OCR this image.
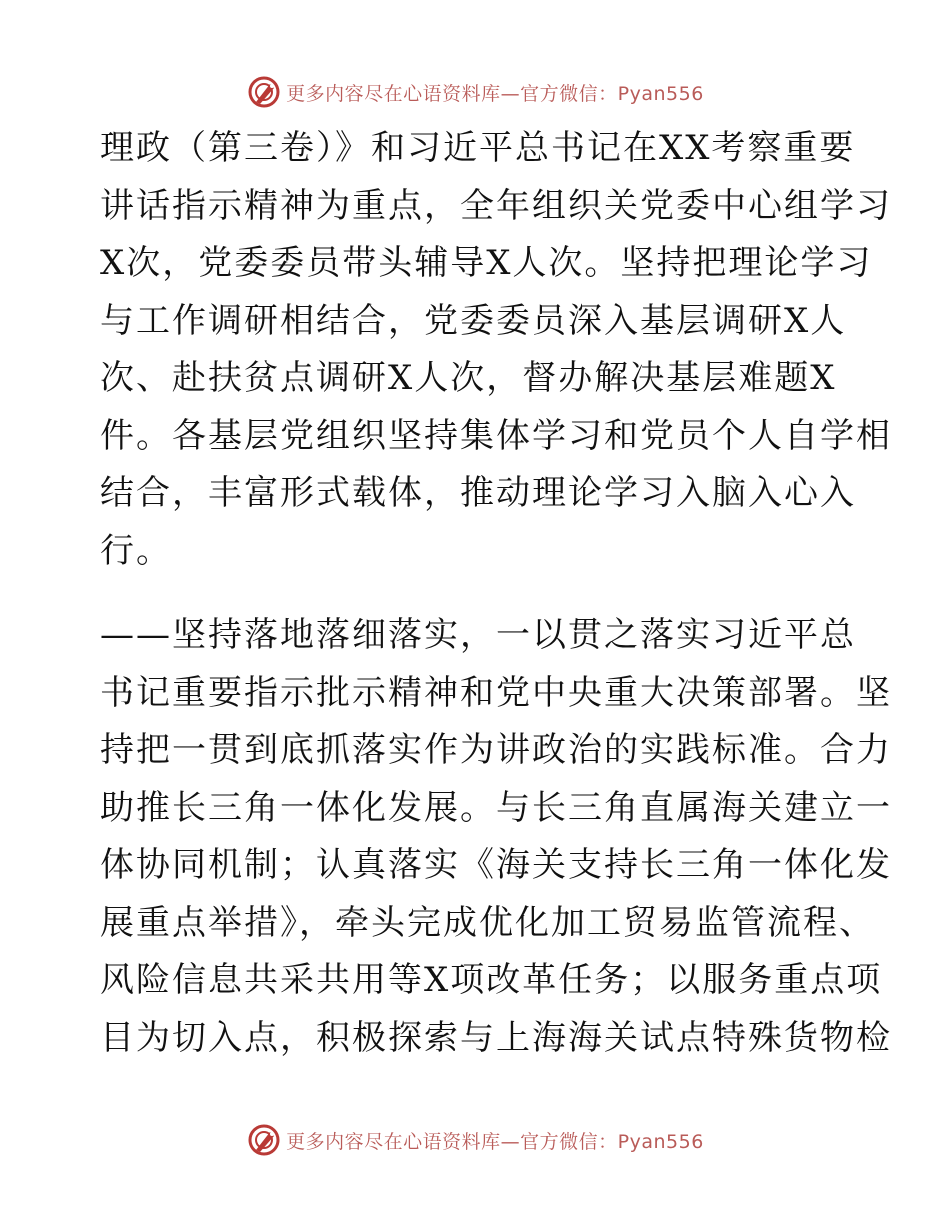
更多内容尽在心语资料库—官方微信：Pyan556
理政（第三卷）》和习近平总书记在XX考察重要
讲话指示精神为重点，全年组织关党委中心组学习
X次，党委委员带头辅导X人次。坚持把理论学习
与工作调研相结合，党委委员深入基层调研X人
次、赴扶贫点调研X人次，督办解决基层难题X
件。各基层党组织坚持集体学习和党员个人自学相
结合，丰富形式载体，推动理论学习入脑入心入
行。
——坚持落地落细落实，一以贯之落实习近平总
书记重要指示批示精神和党中央重大决策部署。坚
持把一贯到底抓落实作为讲政治的实践标准。合力
助推长三角一体化发展。与长三角直属海关建立一
体协同机制；认真落实《海关支持长三角一体化发
展重点举措》，牵头完成优化加工贸易监管流程、
风险信息共采共用等X项改革任务；以服务重点项
目为切入点，积极探索与上海海关试点特殊货物检
更多内容尽在心语资料库—官方微信：Pyan556
